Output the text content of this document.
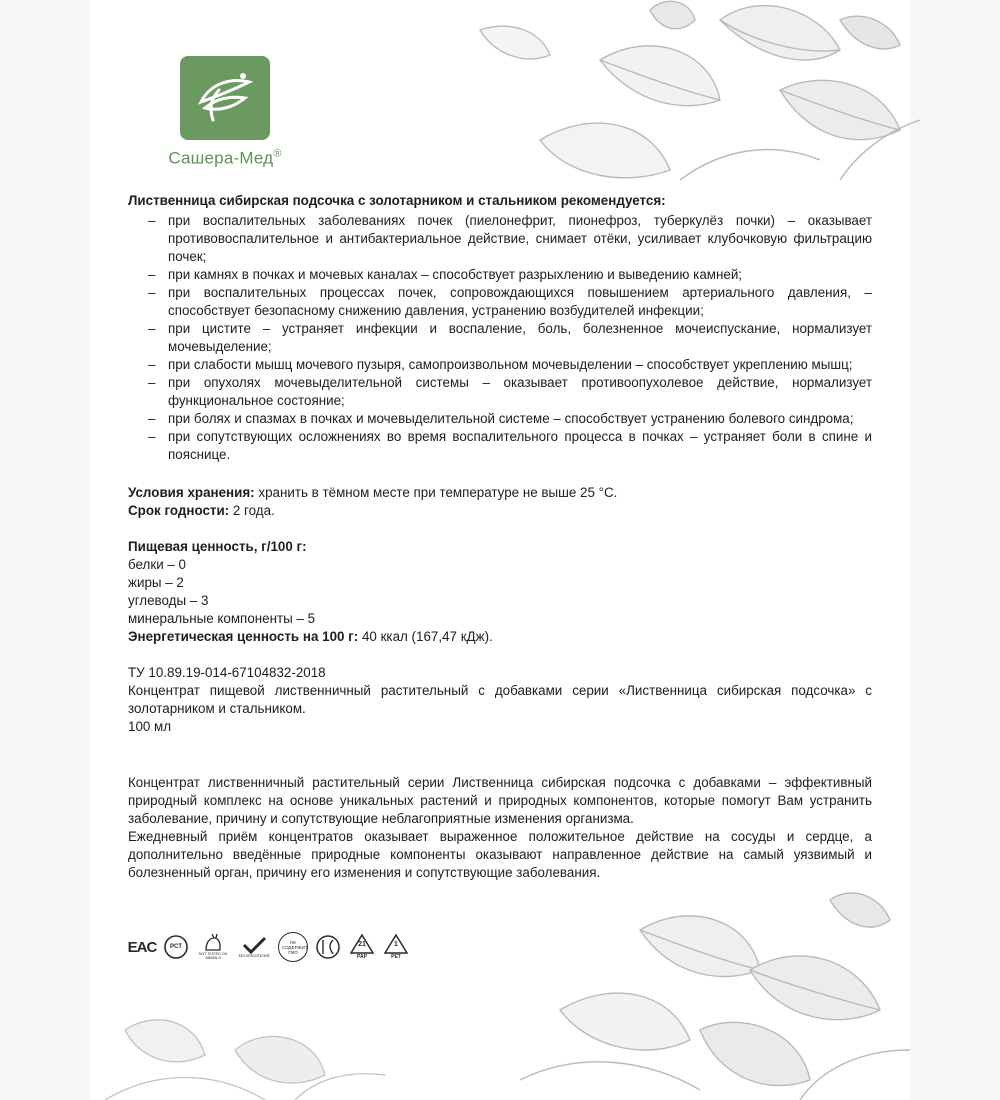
Сашера-Мед®

Лиственница сибирская подсочка с золотарником и стальником рекомендуется:

– при воспалительных заболеваниях почек (пиелонефрит, пионефроз, туберкулёз почки) – оказывает противовоспалительное и антибактериальное действие, снимает отёки, усиливает клубочковую фильтрацию почек;
– при камнях в почках и мочевых каналах – способствует разрыхлению и выведению камней;
– при воспалительных процессах почек, сопровождающихся повышением артериального давления, – способствует безопасному снижению давления, устранению возбудителей инфекции;
– при цистите – устраняет инфекции и воспаление, боль, болезненное мочеиспускание, нормализует мочевыделение;
– при слабости мышц мочевого пузыря, самопроизвольном мочевыделении – способствует укреплению мышц;
– при опухолях мочевыделительной системы – оказывает противоопухолевое действие, нормализует функциональное состояние;
– при болях и спазмах в почках и мочевыделительной системе – способствует устранению болевого синдрома;
– при сопутствующих осложнениях во время воспалительного процесса в почках – устраняет боли в спине и пояснице.

Условия хранения: хранить в тёмном месте при температуре не выше 25 °С.

Срок годности: 2 года.

Пищевая ценность, г/100 г:

белки – 0

жиры – 2

углеводы – 3

минеральные компоненты – 5

Энергетическая ценность на 100 г: 40 ккал (167,47 кДж).

ТУ 10.89.19-014-67104832-2018

Концентрат пищевой лиственничный растительный с добавками серии «Лиственница сибирская подсочка» с золотарником и стальником.

100 мл

Концентрат лиственничный растительный серии Лиственница сибирская подсочка с добавками – эффективный природный комплекс на основе уникальных растений и природных компонентов, которые помогут Вам устранить заболевание, причину и сопутствующие неблагоприятные изменения организма.

Ежедневный приём концентратов оказывает выраженное положительное действие на сосуды и сердце, а дополнительно введённые природные компоненты оказывают направленное действие на самый уязвимый и болезненный орган, причину его изменения и сопутствующие заболевания.

EAC PCT
NOT TESTED ON ANIMALS	БЕЗ КРАСИТЕЛЕЙ
НЕ СОДЕРЖИТ ГМО
21
PAP
1
PET
